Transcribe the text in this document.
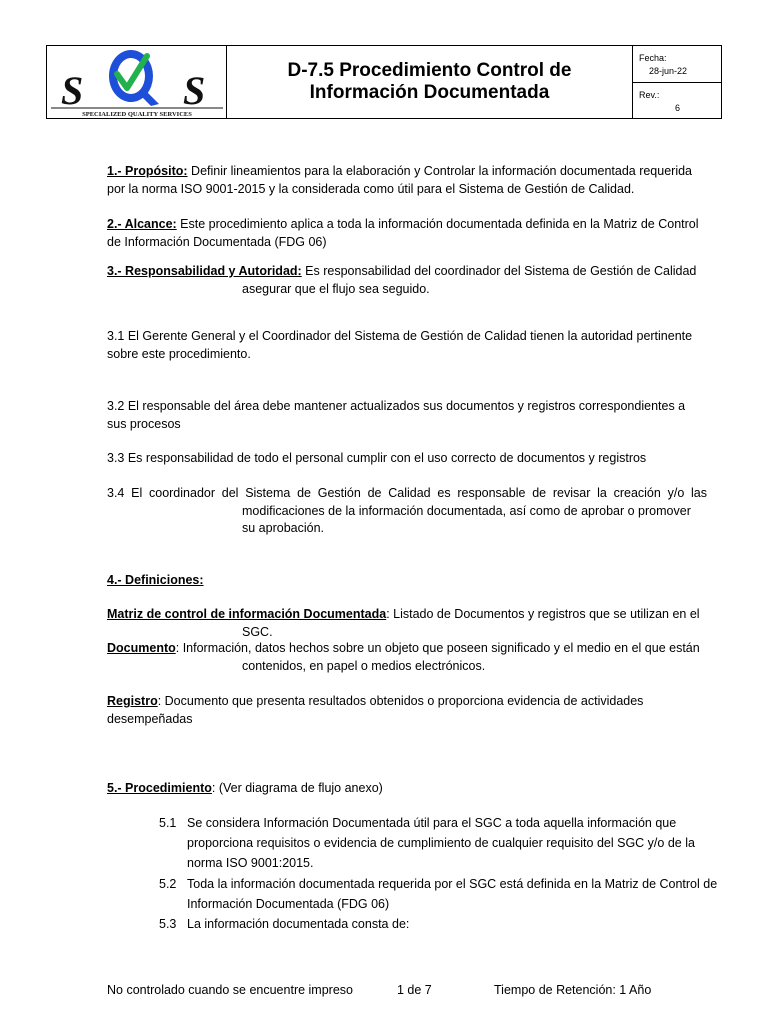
S S
SPECIALIZED QUALITY SERVICES
D-7.5 Procedimiento Control de
Información Documentada
Fecha:
28-jun-22
Rev.:
6
1.- Propósito: Definir lineamientos para la elaboración y Controlar la información documentada requerida por la norma ISO 9001-2015 y la considerada como útil para el Sistema de Gestión de Calidad.
2.- Alcance: Este procedimiento aplica a toda la información documentada definida en la Matriz de Control de Información Documentada (FDG 06)
3.- Responsabilidad y Autoridad: Es responsabilidad del coordinador del Sistema de Gestión de Calidad
asegurar que el flujo sea seguido.
3.1 El Gerente General y el Coordinador del Sistema de Gestión de Calidad tienen la autoridad pertinente sobre este procedimiento.
3.2 El responsable del área debe mantener actualizados sus documentos y registros correspondientes a sus procesos
3.3 Es responsabilidad de todo el personal cumplir con el uso correcto de documentos y registros
3.4 El coordinador del Sistema de Gestión de Calidad es responsable de revisar la creación y/o las
modificaciones de la información documentada, así como de aprobar o promover su aprobación.
4.- Definiciones:
Matriz de control de información Documentada: Listado de Documentos y registros que se utilizan en el
SGC.
Documento: Información, datos hechos sobre un objeto que poseen significado y el medio en el que están
contenidos, en papel o medios electrónicos.
Registro: Documento que presenta resultados obtenidos o proporciona evidencia de actividades desempeñadas
5.- Procedimiento: (Ver diagrama de flujo anexo)
5.1 Se considera Información Documentada útil para el SGC a toda aquella información que proporciona requisitos o evidencia de cumplimiento de cualquier requisito del SGC y/o de la norma ISO 9001:2015.
5.2 Toda la información documentada requerida por el SGC está definida en la Matriz de Control de Información Documentada (FDG 06)
5.3 La información documentada consta de:
No controlado cuando se encuentre impreso	1 de 7	Tiempo de Retención: 1 Año
